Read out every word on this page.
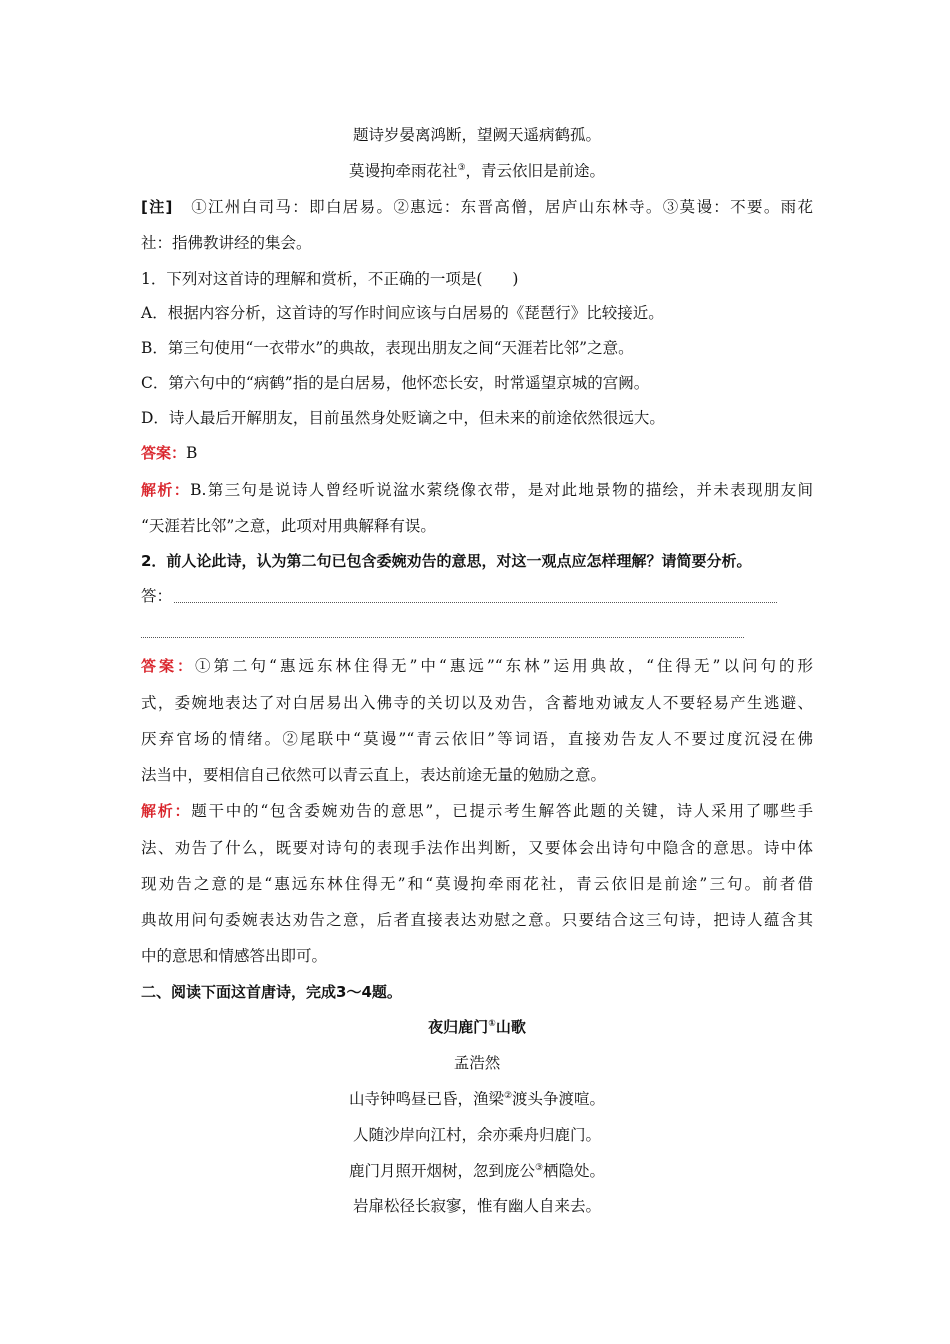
题诗岁晏离鸿断，望阙天遥病鹤孤。
莫谩拘牵雨花社③，青云依旧是前途。
[注] ①江州白司马：即白居易。②惠远：东晋高僧，居庐山东林寺。③莫谩：不要。雨花
社：指佛教讲经的集会。
1．下列对这首诗的理解和赏析，不正确的一项是( )
A．根据内容分析，这首诗的写作时间应该与白居易的《琵琶行》比较接近。
B．第三句使用“一衣带水”的典故，表现出朋友之间“天涯若比邻”之意。
C．第六句中的“病鹤”指的是白居易，他怀恋长安，时常遥望京城的宫阙。
D．诗人最后开解朋友，目前虽然身处贬谪之中，但未来的前途依然很远大。
答案：B
解析：B.第三句是说诗人曾经听说湓水萦绕像衣带，是对此地景物的描绘，并未表现朋友间
“天涯若比邻”之意，此项对用典解释有误。
2．前人论此诗，认为第二句已包含委婉劝告的意思，对这一观点应怎样理解？请简要分析。
答：
答案：①第二句“惠远东林住得无”中“惠远”“东林”运用典故，“住得无”以问句的形
式，委婉地表达了对白居易出入佛寺的关切以及劝告，含蓄地劝诫友人不要轻易产生逃避、
厌弃官场的情绪。②尾联中“莫谩”“青云依旧”等词语，直接劝告友人不要过度沉浸在佛
法当中，要相信自己依然可以青云直上，表达前途无量的勉励之意。
解析：题干中的“包含委婉劝告的意思”，已提示考生解答此题的关键，诗人采用了哪些手
法、劝告了什么，既要对诗句的表现手法作出判断，又要体会出诗句中隐含的意思。诗中体
现劝告之意的是“惠远东林住得无”和“莫谩拘牵雨花社，青云依旧是前途”三句。前者借
典故用问句委婉表达劝告之意，后者直接表达劝慰之意。只要结合这三句诗，把诗人蕴含其
中的意思和情感答出即可。
二、阅读下面这首唐诗，完成3～4题。
夜归鹿门①山歌
孟浩然
山寺钟鸣昼已昏，渔梁②渡头争渡喧。
人随沙岸向江村，余亦乘舟归鹿门。
鹿门月照开烟树，忽到庞公③栖隐处。
岩扉松径长寂寥，惟有幽人自来去。
